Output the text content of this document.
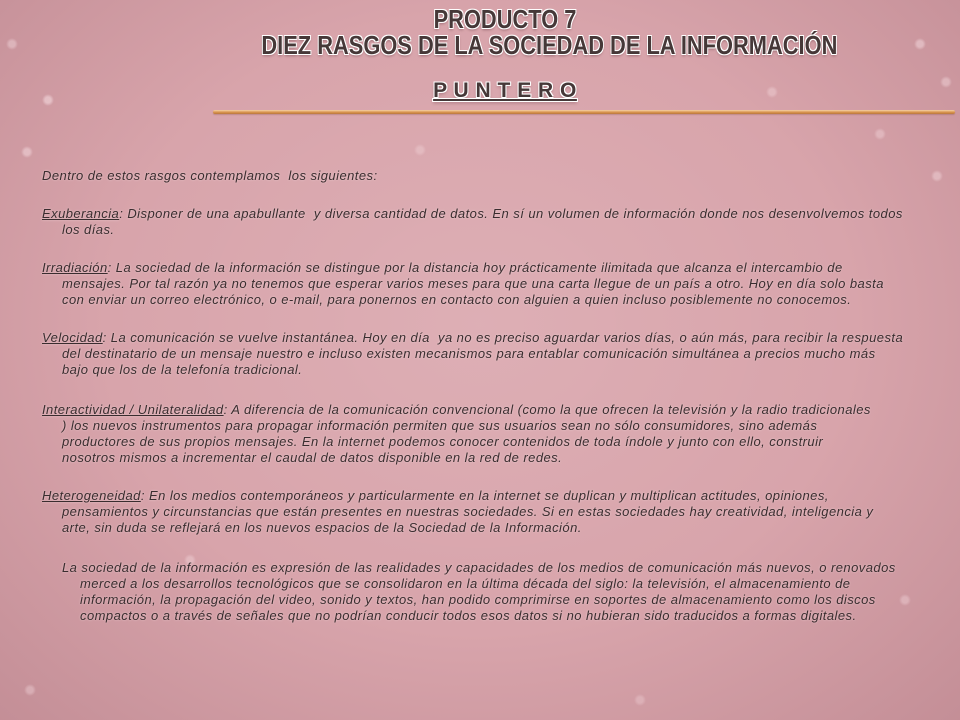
PRODUCTO 7
DIEZ RASGOS DE LA SOCIEDAD DE LA INFORMACIÓN
P U N T E R O
Dentro de estos rasgos contemplamos  los siguientes:
Exuberancia: Disponer de una apabullante  y diversa cantidad de datos. En sí un volumen de información donde nos desenvolvemos todos
los días.
Irradiación: La sociedad de la información se distingue por la distancia hoy prácticamente ilimitada que alcanza el intercambio de
mensajes. Por tal razón ya no tenemos que esperar varios meses para que una carta llegue de un país a otro. Hoy en día solo basta
con enviar un correo electrónico, o e-mail, para ponernos en contacto con alguien a quien incluso posiblemente no conocemos.
Velocidad: La comunicación se vuelve instantánea. Hoy en día  ya no es preciso aguardar varios días, o aún más, para recibir la respuesta
del destinatario de un mensaje nuestro e incluso existen mecanismos para entablar comunicación simultánea a precios mucho más
bajo que los de la telefonía tradicional.
Interactividad / Unilateralidad: A diferencia de la comunicación convencional (como la que ofrecen la televisión y la radio tradicionales
) los nuevos instrumentos para propagar información permiten que sus usuarios sean no sólo consumidores, sino además
productores de sus propios mensajes. En la internet podemos conocer contenidos de toda índole y junto con ello, construir
nosotros mismos a incrementar el caudal de datos disponible en la red de redes.
Heterogeneidad: En los medios contemporáneos y particularmente en la internet se duplican y multiplican actitudes, opiniones,
pensamientos y circunstancias que están presentes en nuestras sociedades. Si en estas sociedades hay creatividad, inteligencia y
arte, sin duda se reflejará en los nuevos espacios de la Sociedad de la Información.
La sociedad de la información es expresión de las realidades y capacidades de los medios de comunicación más nuevos, o renovados
merced a los desarrollos tecnológicos que se consolidaron en la última década del siglo: la televisión, el almacenamiento de
información, la propagación del video, sonido y textos, han podido comprimirse en soportes de almacenamiento como los discos
compactos o a través de señales que no podrían conducir todos esos datos si no hubieran sido traducidos a formas digitales.
